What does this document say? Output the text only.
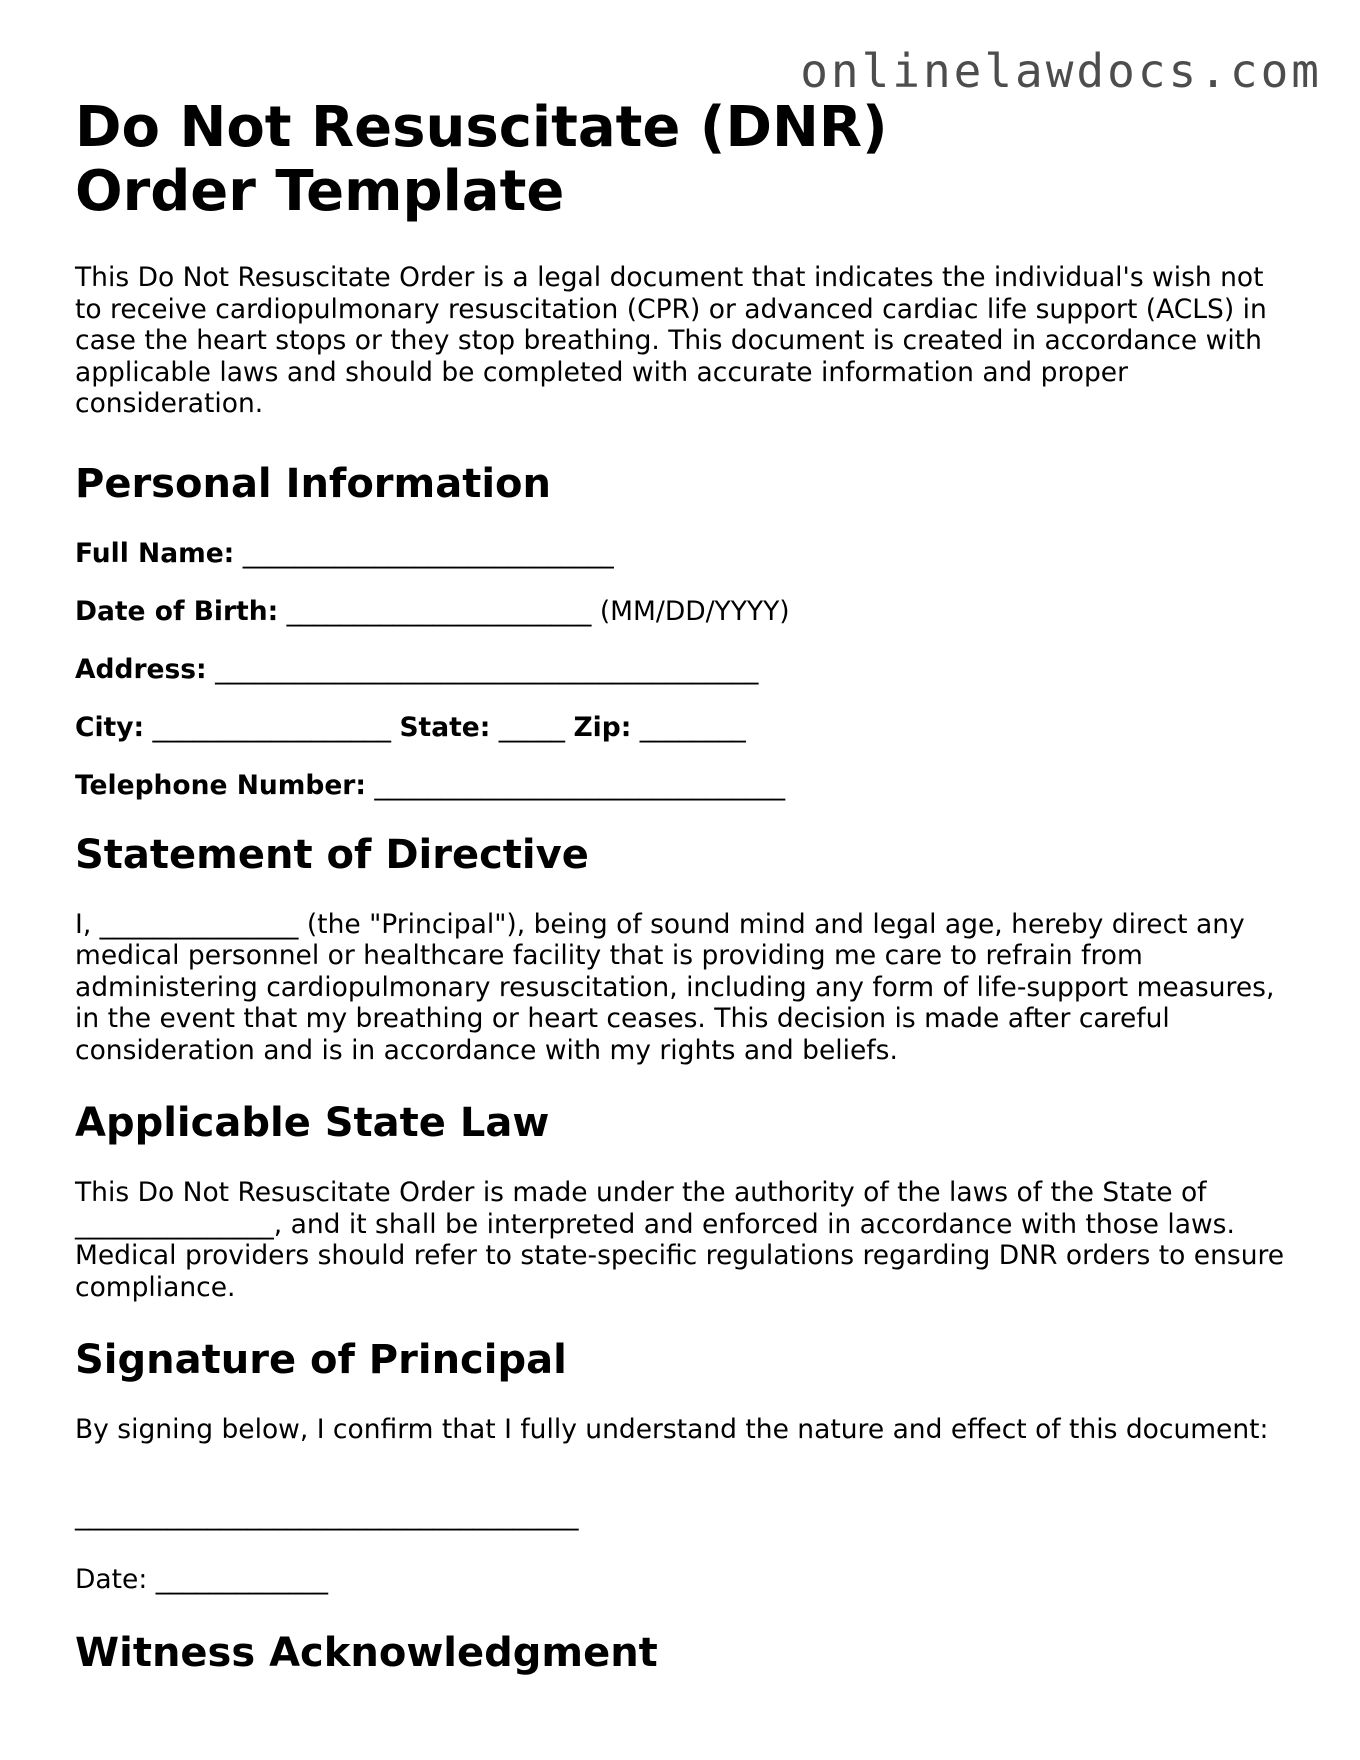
onlinelawdocs.com
Do Not Resuscitate (DNR) Order Template

This Do Not Resuscitate Order is a legal document that indicates the individual's wish not to receive cardiopulmonary resuscitation (CPR) or advanced cardiac life support (ACLS) in case the heart stops or they stop breathing. This document is created in accordance with applicable laws and should be completed with accurate information and proper consideration.

Personal Information
Full Name: ____________________________
Date of Birth: _______________________ (MM/DD/YYYY)
Address: _________________________________________
City: __________________ State: _____ Zip: ________
Telephone Number: _______________________________
Statement of Directive

I, _______________ (the "Principal"), being of sound mind and legal age, hereby direct any medical personnel or healthcare facility that is providing me care to refrain from administering cardiopulmonary resuscitation, including any form of life-support measures, in the event that my breathing or heart ceases. This decision is made after careful consideration and is in accordance with my rights and beliefs.

Applicable State Law

This Do Not Resuscitate Order is made under the authority of the laws of the State of _______________, and it shall be interpreted and enforced in accordance with those laws. Medical providers should refer to state-specific regulations regarding DNR orders to ensure compliance.

Signature of Principal

By signing below, I confirm that I fully understand the nature and effect of this document:

______________________________________
Date: _____________
Witness Acknowledgment
